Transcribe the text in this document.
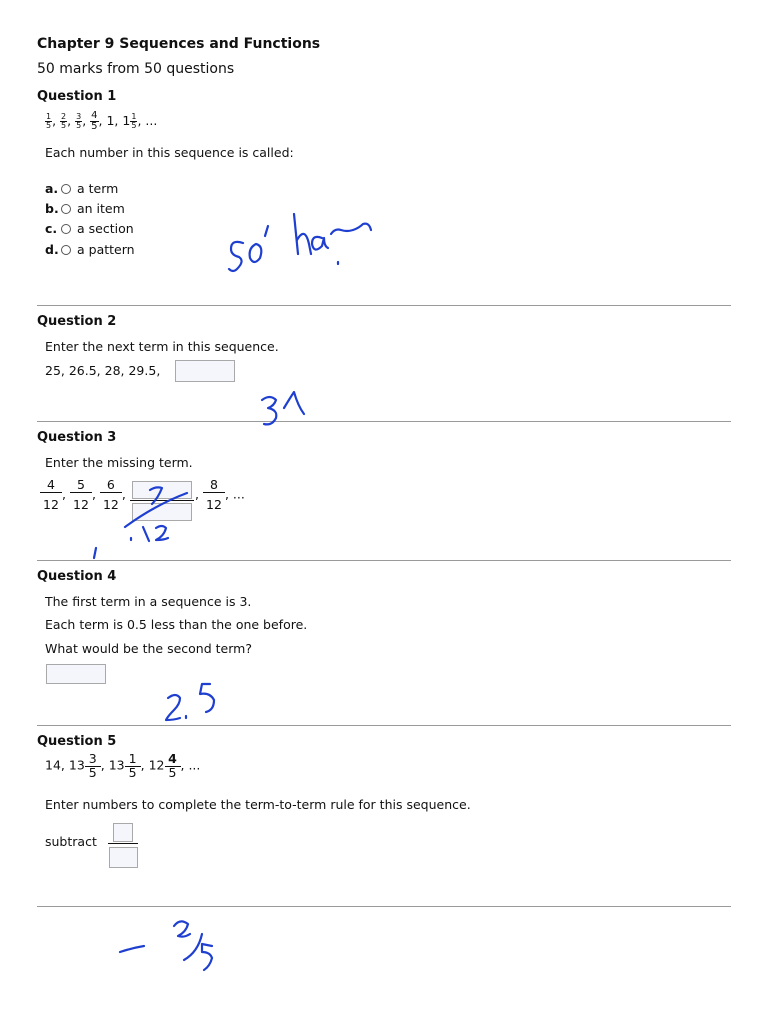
Chapter 9 Sequences and Functions
50 marks from 50 questions
Question 1
$\frac{1}{5}$ , $\frac{2}{5}$ , $\frac{3}{5}$ , $\frac{4}{5}$ , 1, $1 \frac{1}{5}$ , ...
Each number in this sequence is called:
a. a term
b. an item
c. a section
d. a pattern
Question 2
Enter the next term in this sequence.
25, 26.5, 28, 29.5,
Question 3
Enter the missing term.
$\frac{4}{12}$ , $\frac{5}{12}$ , $\frac{6}{12}$ ,	, $\frac{8}{12}$ , ...
Question 4
The first term in a sequence is 3.
Each term is 0.5 less than the one before.
What would be the second term?
Question 5
14, $13 \frac{3}{5}$ , $13 \frac{1}{5}$ , $12 \frac{4}{5}$ , ...
Enter numbers to complete the term-to-term rule for this sequence.
subtract
